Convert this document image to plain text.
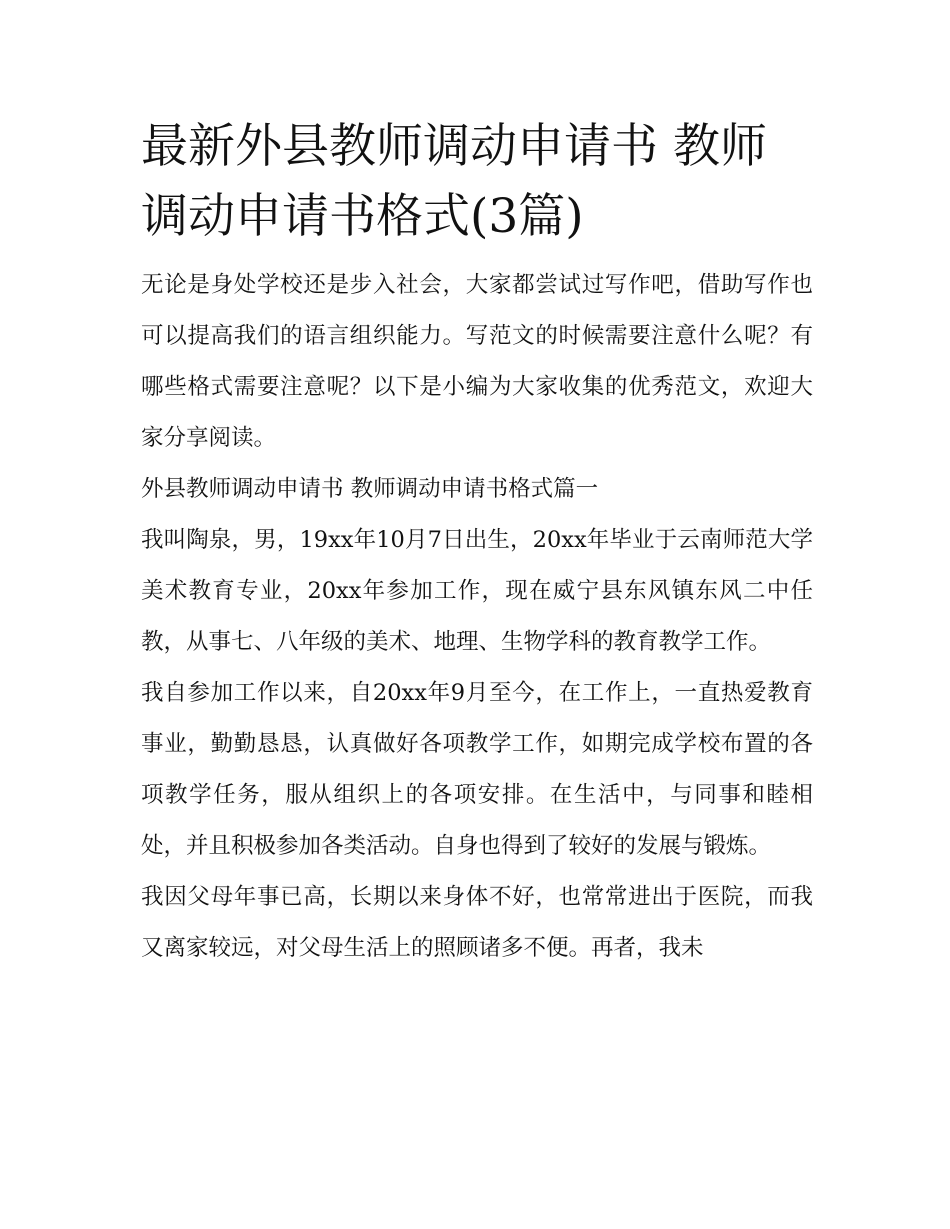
最新外县教师调动申请书 教师调动申请书格式(3篇)

无论是身处学校还是步入社会，大家都尝试过写作吧，借助写作也可以提高我们的语言组织能力。写范文的时候需要注意什么呢？有哪些格式需要注意呢？以下是小编为大家收集的优秀范文，欢迎大家分享阅读。

外县教师调动申请书 教师调动申请书格式篇一

我叫陶泉，男，19xx年10月7日出生，20xx年毕业于云南师范大学美术教育专业，20xx年参加工作，现在威宁县东风镇东风二中任教，从事七、八年级的美术、地理、生物学科的教育教学工作。

我自参加工作以来，自20xx年9月至今，在工作上，一直热爱教育事业，勤勤恳恳，认真做好各项教学工作，如期完成学校布置的各项教学任务，服从组织上的各项安排。在生活中，与同事和睦相处，并且积极参加各类活动。自身也得到了较好的发展与锻炼。

我因父母年事已高，长期以来身体不好，也常常进出于医院，而我又离家较远，对父母生活上的照顾诸多不便。再者，我未
